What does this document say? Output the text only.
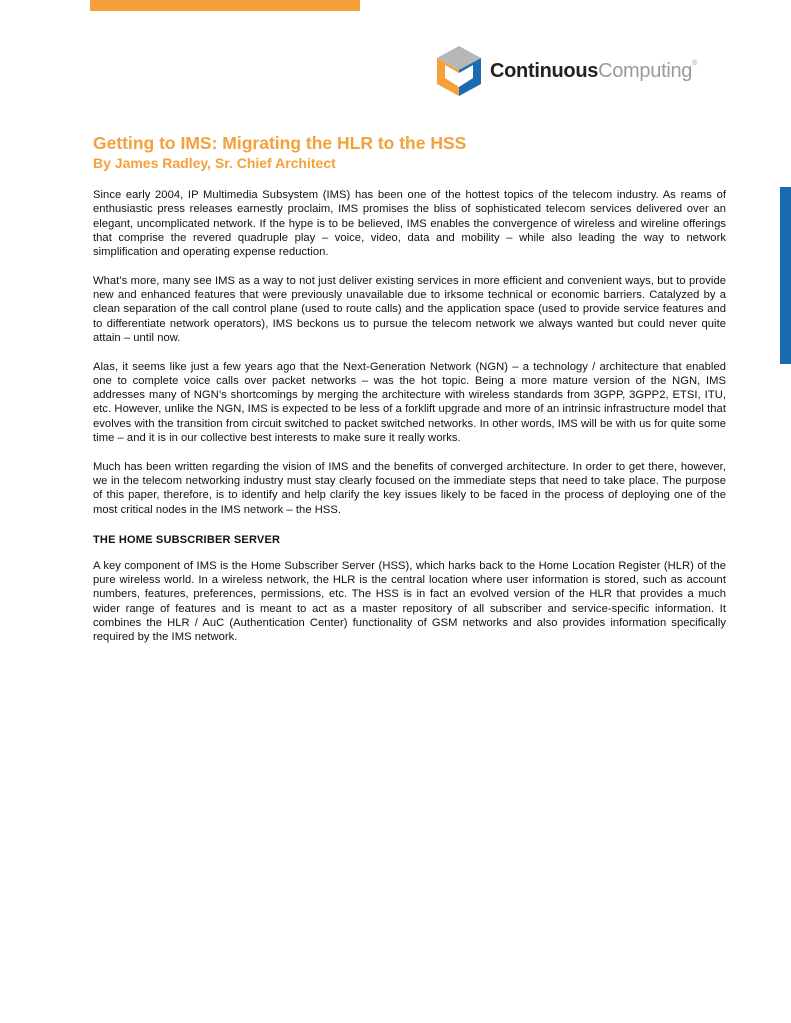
ContinuousComputing®
Getting to IMS: Migrating the HLR to the HSS
By James Radley, Sr. Chief Architect

Since early 2004, IP Multimedia Subsystem (IMS) has been one of the hottest topics of the telecom industry. As reams of enthusiastic press releases earnestly proclaim, IMS promises the bliss of sophisticated telecom services delivered over an elegant, uncomplicated network. If the hype is to be believed, IMS enables the convergence of wireless and wireline offerings that comprise the revered quadruple play – voice, video, data and mobility – while also leading the way to network simplification and operating expense reduction.

What’s more, many see IMS as a way to not just deliver existing services in more efficient and convenient ways, but to provide new and enhanced features that were previously unavailable due to irksome technical or economic barriers. Catalyzed by a clean separation of the call control plane (used to route calls) and the application space (used to provide service features and to differentiate network operators), IMS beckons us to pursue the telecom network we always wanted but could never quite attain – until now.

Alas, it seems like just a few years ago that the Next-Generation Network (NGN) – a technology / architecture that enabled one to complete voice calls over packet networks – was the hot topic. Being a more mature version of the NGN, IMS addresses many of NGN’s shortcomings by merging the architecture with wireless standards from 3GPP, 3GPP2, ETSI, ITU, etc. However, unlike the NGN, IMS is expected to be less of a forklift upgrade and more of an intrinsic infrastructure model that evolves with the transition from circuit switched to packet switched networks. In other words, IMS will be with us for quite some time – and it is in our collective best interests to make sure it really works.

Much has been written regarding the vision of IMS and the benefits of converged architecture. In order to get there, however, we in the telecom networking industry must stay clearly focused on the immediate steps that need to take place. The purpose of this paper, therefore, is to identify and help clarify the key issues likely to be faced in the process of deploying one of the most critical nodes in the IMS network – the HSS.

THE HOME SUBSCRIBER SERVER

A key component of IMS is the Home Subscriber Server (HSS), which harks back to the Home Location Register (HLR) of the pure wireless world. In a wireless network, the HLR is the central location where user information is stored, such as account numbers, features, preferences, permissions, etc. The HSS is in fact an evolved version of the HLR that provides a much wider range of features and is meant to act as a master repository of all subscriber and service-specific information. It combines the HLR / AuC (Authentication Center) functionality of GSM networks and also provides information specifically required by the IMS network.
